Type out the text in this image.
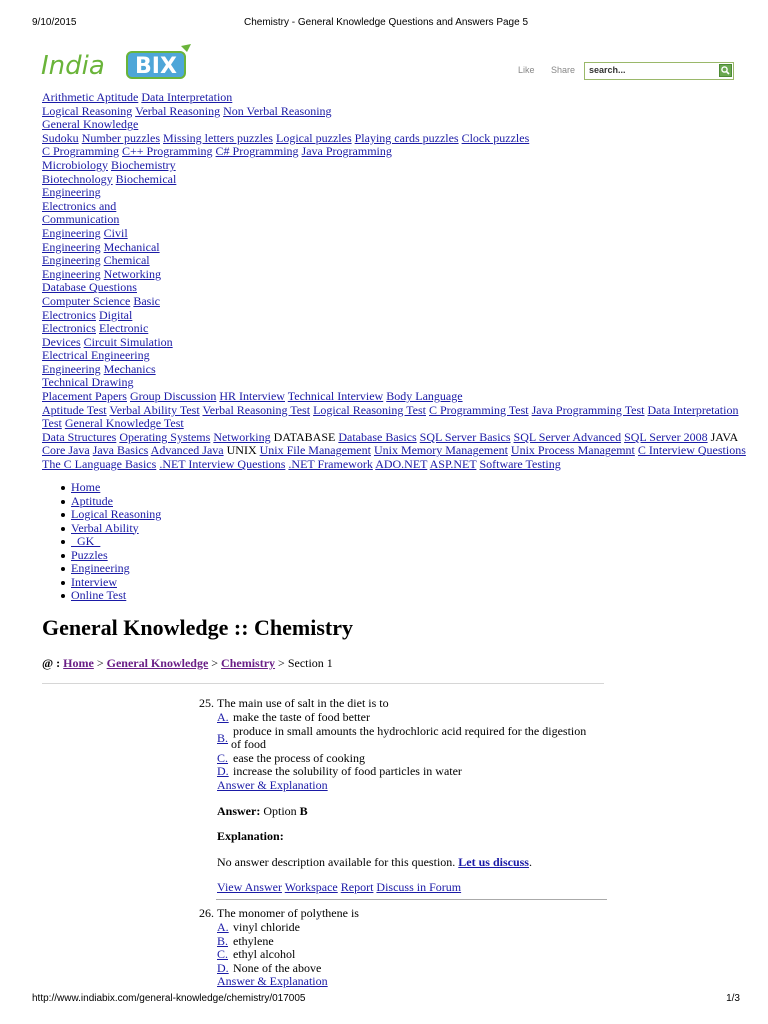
9/10/2015	Chemistry - General Knowledge Questions and Answers Page 5
India BIX	Like Share
search...
Arithmetic Aptitude Data Interpretation
Logical Reasoning Verbal Reasoning Non Verbal Reasoning
General Knowledge
Sudoku Number puzzles Missing letters puzzles Logical puzzles Playing cards puzzles Clock puzzles
C Programming C++ Programming C# Programming Java Programming
Microbiology Biochemistry
Biotechnology Biochemical
Engineering
Electronics and
Communication
Engineering Civil
Engineering Mechanical
Engineering Chemical
Engineering Networking
Database Questions
Computer Science Basic
Electronics Digital
Electronics Electronic
Devices Circuit Simulation
Electrical Engineering
Engineering Mechanics
Technical Drawing
Placement Papers Group Discussion HR Interview Technical Interview Body Language
Aptitude Test Verbal Ability Test Verbal Reasoning Test Logical Reasoning Test C Programming Test Java Programming Test Data Interpretation
Test General Knowledge Test
Data Structures Operating Systems Networking DATABASE Database Basics SQL Server Basics SQL Server Advanced SQL Server 2008 JAVA
Core Java Java Basics Advanced Java UNIX Unix File Management Unix Memory Management Unix Process Managemnt C Interview Questions
The C Language Basics .NET Interview Questions .NET Framework ADO.NET ASP.NET Software Testing
Home
Aptitude
Logical Reasoning
Verbal Ability
GK
Puzzles
Engineering
Interview
Online Test
General Knowledge :: Chemistry
@ : Home > General Knowledge > Chemistry > Section 1
25. The main use of salt in the diet is to
A. make the taste of food better
B. produce in small amounts the hydrochloric acid required for the digestion of food
C. ease the process of cooking
D. increase the solubility of food particles in water
Answer & Explanation
Answer: Option B
Explanation:
No answer description available for this question. Let us discuss.
View Answer Workspace Report Discuss in Forum
26. The monomer of polythene is
A. vinyl chloride
B. ethylene
C. ethyl alcohol
D. None of the above
Answer & Explanation
http://www.indiabix.com/general-knowledge/chemistry/017005	1/3
